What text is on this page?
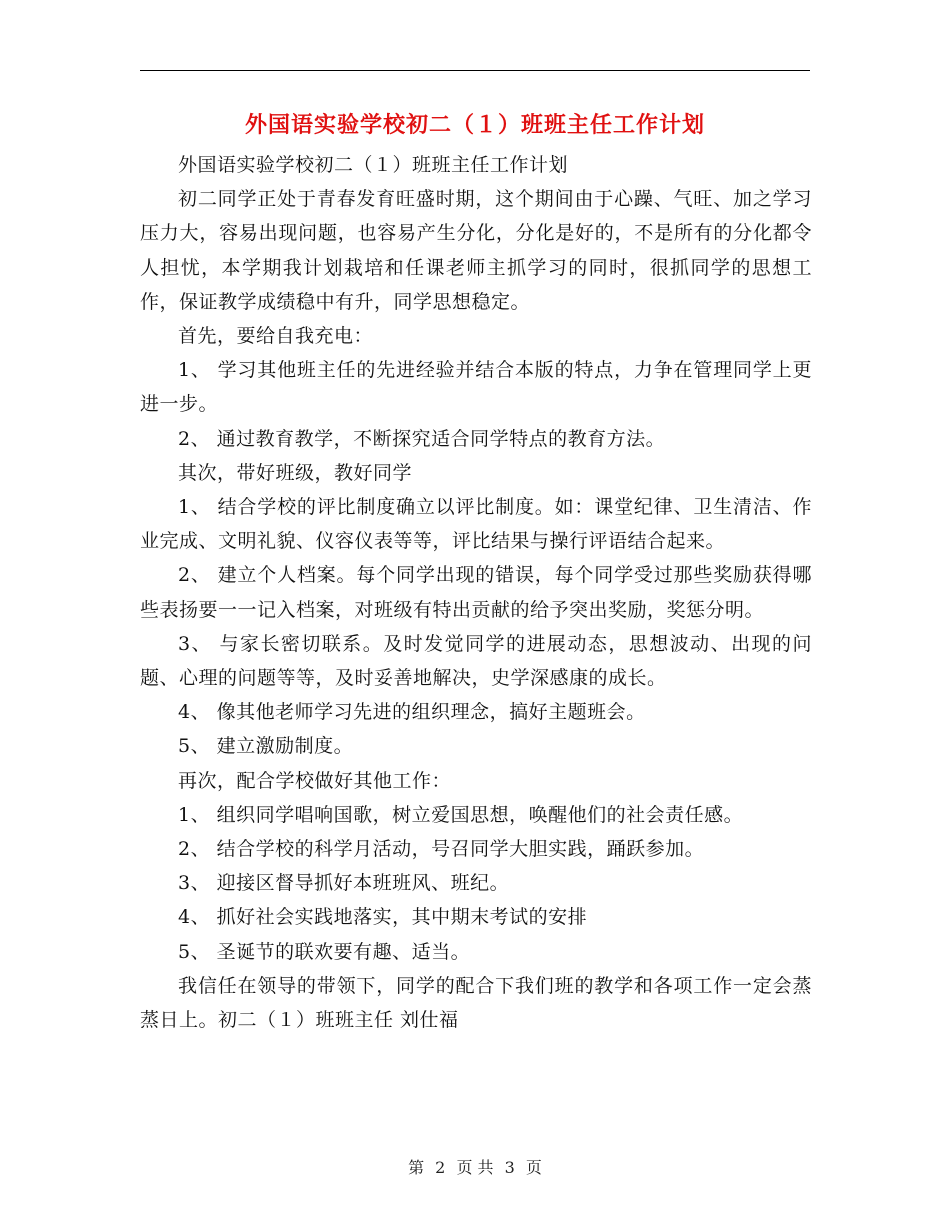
外国语实验学校初二（１）班班主任工作计划

外国语实验学校初二（１）班班主任工作计划

初二同学正处于青春发育旺盛时期，这个期间由于心躁、气旺、加之学习压力大，容易出现问题，也容易产生分化，分化是好的，不是所有的分化都令人担忧，本学期我计划栽培和任课老师主抓学习的同时，很抓同学的思想工作，保证教学成绩稳中有升，同学思想稳定。

首先，要给自我充电：

1、 学习其他班主任的先进经验并结合本版的特点，力争在管理同学上更进一步。

2、 通过教育教学，不断探究适合同学特点的教育方法。

其次，带好班级，教好同学

1、 结合学校的评比制度确立以评比制度。如：课堂纪律、卫生清洁、作业完成、文明礼貌、仪容仪表等等，评比结果与操行评语结合起来。

2、 建立个人档案。每个同学出现的错误，每个同学受过那些奖励获得哪些表扬要一一记入档案，对班级有特出贡献的给予突出奖励，奖惩分明。

3、 与家长密切联系。及时发觉同学的进展动态，思想波动、出现的问题、心理的问题等等，及时妥善地解决，史学深感康的成长。

4、 像其他老师学习先进的组织理念，搞好主题班会。

5、 建立激励制度。

再次，配合学校做好其他工作：

1、 组织同学唱响国歌，树立爱国思想，唤醒他们的社会责任感。

2、 结合学校的科学月活动，号召同学大胆实践，踊跃参加。

3、 迎接区督导抓好本班班风、班纪。

4、 抓好社会实践地落实，其中期末考试的安排

5、 圣诞节的联欢要有趣、适当。

我信任在领导的带领下，同学的配合下我们班的教学和各项工作一定会蒸蒸日上。初二（１）班班主任 刘仕福

第 2 页 共 3 页
